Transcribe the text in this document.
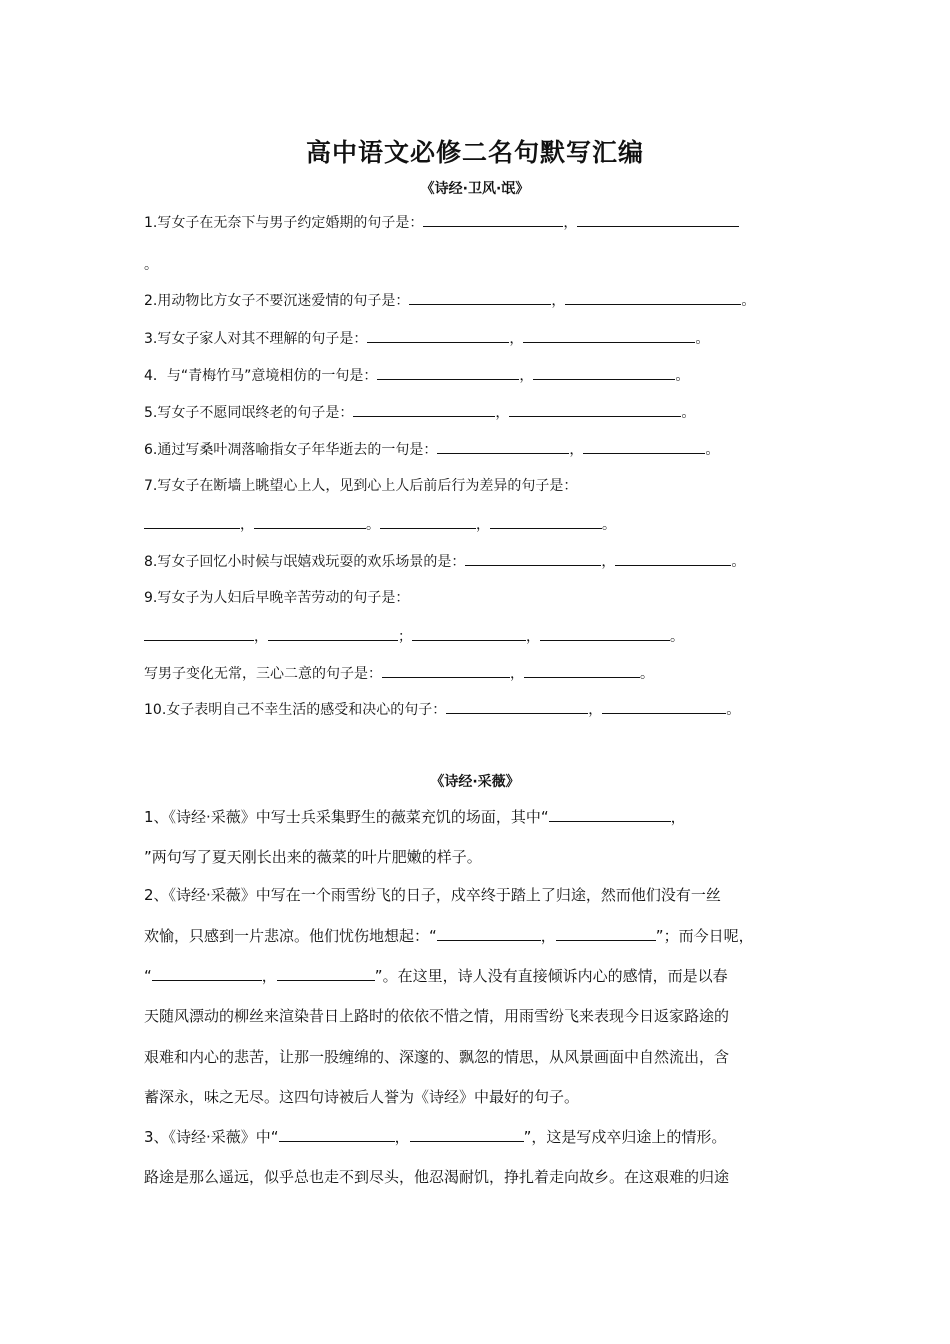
高中语文必修二名句默写汇编
《诗经·卫风·氓》
1.写女子在无奈下与男子约定婚期的句子是：	，
。
2.用动物比方女子不要沉迷爱情的句子是：	，	。
3.写女子家人对其不理解的句子是：	，	。
4．与“青梅竹马”意境相仿的一句是：	，	。
5.写女子不愿同氓终老的句子是：	，	。
6.通过写桑叶凋落喻指女子年华逝去的一句是：	，	。
7.写女子在断墙上眺望心上人，见到心上人后前后行为差异的句子是：
，	。	，	。
8.写女子回忆小时候与氓嬉戏玩耍的欢乐场景的是：	，	。
9.写女子为人妇后早晚辛苦劳动的句子是：
，	；	，	。
写男子变化无常，三心二意的句子是：	，	。
10.女子表明自己不幸生活的感受和决心的句子：	，	。
《诗经·采薇》
1、《诗经·采薇》中写士兵采集野生的薇菜充饥的场面，其中“	，
”两句写了夏天刚长出来的薇菜的叶片肥嫩的样子。
2、《诗经·采薇》中写在一个雨雪纷飞的日子，戍卒终于踏上了归途，然而他们没有一丝
欢愉，只感到一片悲凉。他们忧伤地想起：“	，	”；而今日呢，
“	，	”。在这里，诗人没有直接倾诉内心的感情，而是以春
天随风漂动的柳丝来渲染昔日上路时的依依不惜之情，用雨雪纷飞来表现今日返家路途的
艰难和内心的悲苦，让那一股缠绵的、深邃的、飘忽的情思，从风景画面中自然流出，含
蓄深永，味之无尽。这四句诗被后人誉为《诗经》中最好的句子。
3、《诗经·采薇》中“	，	”，这是写戍卒归途上的情形。
路途是那么遥远，似乎总也走不到尽头，他忍渴耐饥，挣扎着走向故乡。在这艰难的归途
